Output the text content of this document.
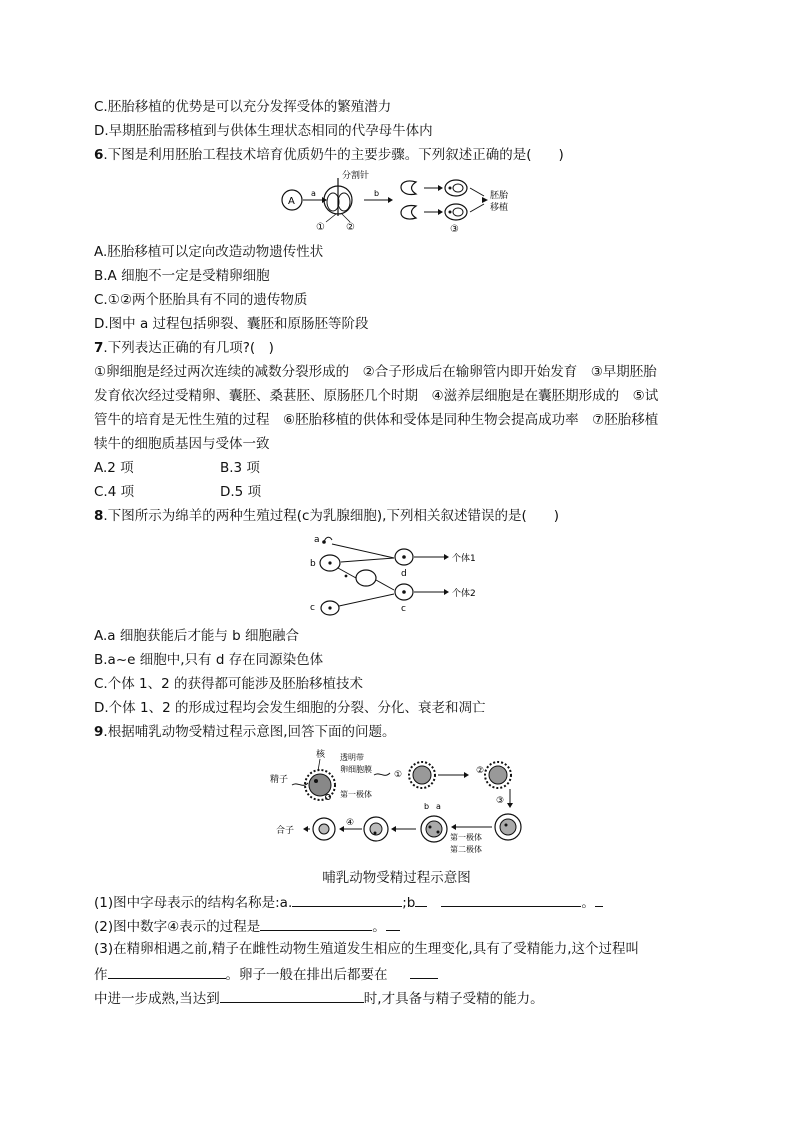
C.胚胎移植的优势是可以充分发挥受体的繁殖潜力
D.早期胚胎需移植到与供体生理状态相同的代孕母牛体内
6.下图是利用胚胎工程技术培育优质奶牛的主要步骤。下列叙述正确的是(　　)
A
a
分割针
① ②
b
③
胚胎
移植
A.胚胎移植可以定向改造动物遗传性状
B.A 细胞不一定是受精卵细胞
C.①②两个胚胎具有不同的遗传物质
D.图中 a 过程包括卵裂、囊胚和原肠胚等阶段
7.下列表达正确的有几项?(　)
①卵细胞是经过两次连续的减数分裂形成的　②合子形成后在输卵管内即开始发育　③早期胚胎
发育依次经过受精卵、囊胚、桑葚胚、原肠胚几个时期　④滋养层细胞是在囊胚期形成的　⑤试
管牛的培育是无性生殖的过程　⑥胚胎移植的供体和受体是同种生物会提高成功率　⑦胚胎移植
犊牛的细胞质基因与受体一致
A.2 项	B.3 项
C.4 项	D.5 项
8.下图所示为绵羊的两种生殖过程(c为乳腺细胞),下列相关叙述错误的是(　　)
a
b
d
个体1
c	c
个体2
A.a 细胞获能后才能与 b 细胞融合
B.a~e 细胞中,只有 d 存在同源染色体
C.个体 1、2 的获得都可能涉及胚胎移植技术
D.个体 1、2 的形成过程均会发生细胞的分裂、分化、衰老和凋亡
9.根据哺乳动物受精过程示意图,回答下面的问题。
核 透明带
卵细胞膜
精子
第一极体
①	②
③
b a
第一极体
第二极体
④
合子
哺乳动物受精过程示意图
(1)图中字母表示的结构名称是:a.	;b	。
(2)图中数字④表示的过程是	。
(3)在精卵相遇之前,精子在雌性动物生殖道发生相应的生理变化,具有了受精能力,这个过程叫
作	。卵子一般在排出后都要在
中进一步成熟,当达到	时,才具备与精子受精的能力。
